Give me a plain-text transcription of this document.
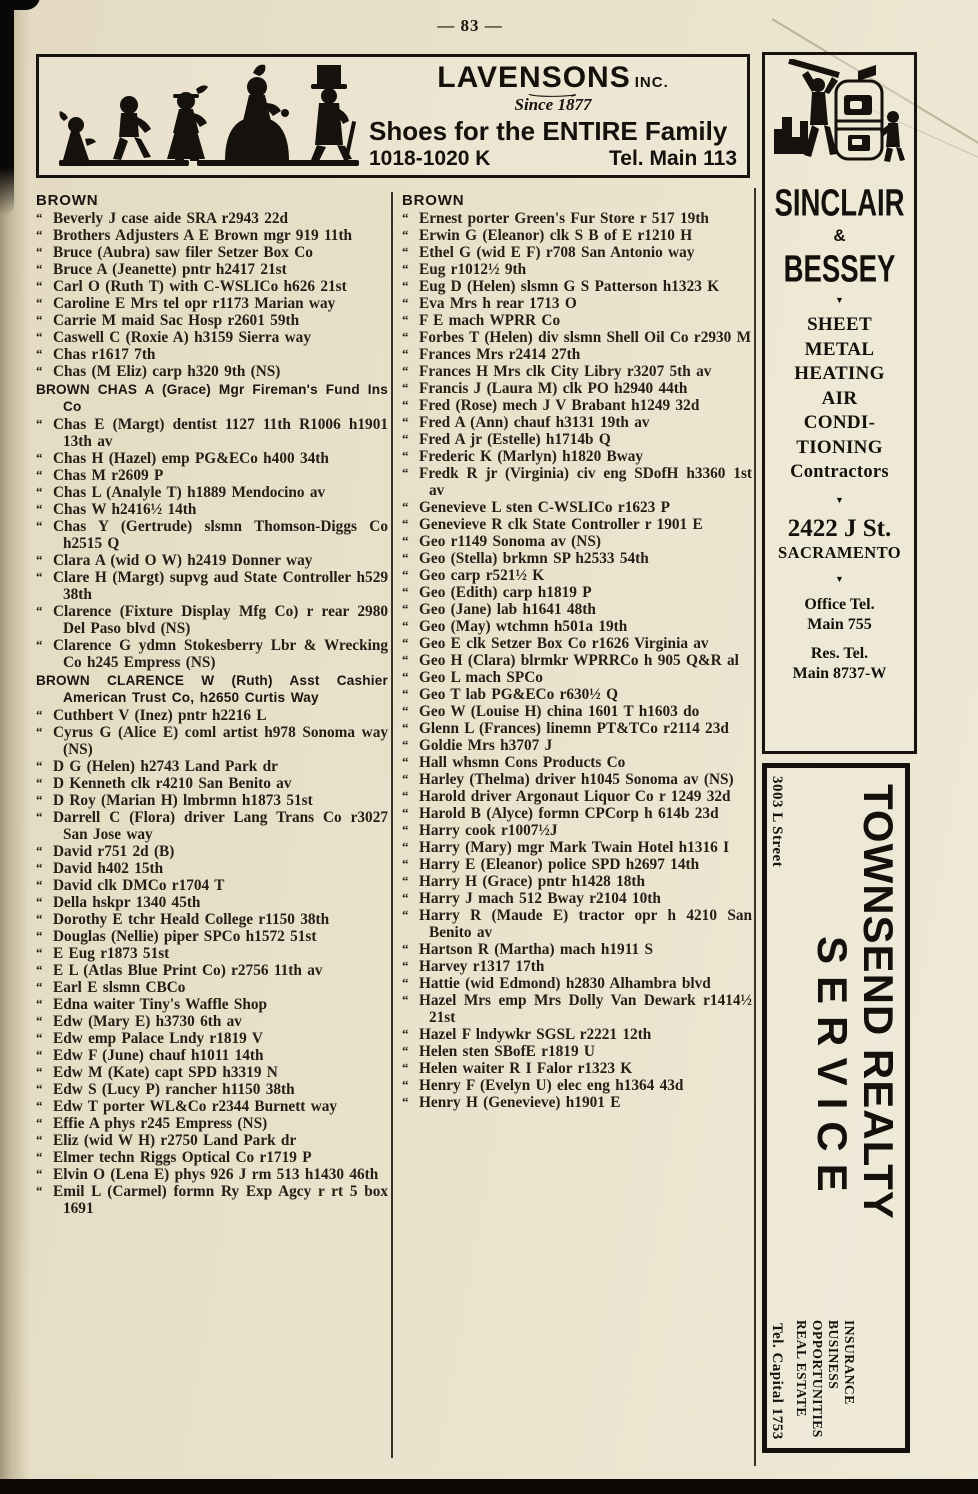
— 83 —
LAVENSONS INC.
Since 1877
Shoes for the ENTIRE Family
1018-1020 K	Tel. Main 113
BROWN
“ Beverly J case aide SRA r2943 22d
“ Brothers Adjusters A E Brown mgr 919 11th
“ Bruce (Aubra) saw filer Setzer Box Co
“ Bruce A (Jeanette) pntr h2417 21st
“ Carl O (Ruth T) with C-WSLICo h626 21st
“ Caroline E Mrs tel opr r1173 Marian way
“ Carrie M maid Sac Hosp r2601 59th
“ Caswell C (Roxie A) h3159 Sierra way
“ Chas r1617 7th
“ Chas (M Eliz) carp h320 9th (NS)
BROWN CHAS A (Grace) Mgr Fireman's Fund Ins Co
“ Chas E (Margt) dentist 1127 11th R1006 h1901 13th av
“ Chas H (Hazel) emp PG&ECo h400 34th
“ Chas M r2609 P
“ Chas L (Analyle T) h1889 Mendocino av
“ Chas W h2416½ 14th
“ Chas Y (Gertrude) slsmn Thomson-Diggs Co h2515 Q
“ Clara A (wid O W) h2419 Donner way
“ Clare H (Margt) supvg aud State Controller h529 38th
“ Clarence (Fixture Display Mfg Co) r rear 2980 Del Paso blvd (NS)
“ Clarence G ydmn Stokesberry Lbr & Wrecking Co h245 Empress (NS)
BROWN CLARENCE W (Ruth) Asst Cashier American Trust Co, h2650 Curtis Way
“ Cuthbert V (Inez) pntr h2216 L
“ Cyrus G (Alice E) coml artist h978 Sonoma way (NS)
“ D G (Helen) h2743 Land Park dr
“ D Kenneth clk r4210 San Benito av
“ D Roy (Marian H) lmbrmn h1873 51st
“ Darrell C (Flora) driver Lang Trans Co r3027 San Jose way
“ David r751 2d (B)
“ David h402 15th
“ David clk DMCo r1704 T
“ Della hskpr 1340 45th
“ Dorothy E tchr Heald College r1150 38th
“ Douglas (Nellie) piper SPCo h1572 51st
“ E Eug r1873 51st
“ E L (Atlas Blue Print Co) r2756 11th av
“ Earl E slsmn CBCo
“ Edna waiter Tiny's Waffle Shop
“ Edw (Mary E) h3730 6th av
“ Edw emp Palace Lndy r1819 V
“ Edw F (June) chauf h1011 14th
“ Edw M (Kate) capt SPD h3319 N
“ Edw S (Lucy P) rancher h1150 38th
“ Edw T porter WL&Co r2344 Burnett way
“ Effie A phys r245 Empress (NS)
“ Eliz (wid W H) r2750 Land Park dr
“ Elmer techn Riggs Optical Co r1719 P
“ Elvin O (Lena E) phys 926 J rm 513 h1430 46th
“ Emil L (Carmel) formn Ry Exp Agcy r rt 5 box 1691
BROWN
“ Ernest porter Green's Fur Store r 517 19th
“ Erwin G (Eleanor) clk S B of E r1210 H
“ Ethel G (wid E F) r708 San Antonio way
“ Eug r1012½ 9th
“ Eug D (Helen) slsmn G S Patterson h1323 K
“ Eva Mrs h rear 1713 O
“ F E mach WPRR Co
“ Forbes T (Helen) div slsmn Shell Oil Co r2930 M
“ Frances Mrs r2414 27th
“ Frances H Mrs clk City Libry r3207 5th av
“ Francis J (Laura M) clk PO h2940 44th
“ Fred (Rose) mech J V Brabant h1249 32d
“ Fred A (Ann) chauf h3131 19th av
“ Fred A jr (Estelle) h1714b Q
“ Frederic K (Marlyn) h1820 Bway
“ Fredk R jr (Virginia) civ eng SDofH h3360 1st av
“ Genevieve L sten C-WSLICo r1623 P
“ Genevieve R clk State Controller r 1901 E
“ Geo r1149 Sonoma av (NS)
“ Geo (Stella) brkmn SP h2533 54th
“ Geo carp r521½ K
“ Geo (Edith) carp h1819 P
“ Geo (Jane) lab h1641 48th
“ Geo (May) wtchmn h501a 19th
“ Geo E clk Setzer Box Co r1626 Virginia av
“ Geo H (Clara) blrmkr WPRRCo h 905 Q&R al
“ Geo L mach SPCo
“ Geo T lab PG&ECo r630½ Q
“ Geo W (Louise H) china 1601 T h1603 do
“ Glenn L (Frances) linemn PT&TCo r2114 23d
“ Goldie Mrs h3707 J
“ Hall whsmn Cons Products Co
“ Harley (Thelma) driver h1045 Sonoma av (NS)
“ Harold driver Argonaut Liquor Co r 1249 32d
“ Harold B (Alyce) formn CPCorp h 614b 23d
“ Harry cook r1007½J
“ Harry (Mary) mgr Mark Twain Hotel h1316 I
“ Harry E (Eleanor) police SPD h2697 14th
“ Harry H (Grace) pntr h1428 18th
“ Harry J mach 512 Bway r2104 10th
“ Harry R (Maude E) tractor opr h 4210 San Benito av
“ Hartson R (Martha) mach h1911 S
“ Harvey r1317 17th
“ Hattie (wid Edmond) h2830 Alhambra blvd
“ Hazel Mrs emp Mrs Dolly Van Dewark r1414½ 21st
“ Hazel F lndywkr SGSL r2221 12th
“ Helen sten SBofE r1819 U
“ Helen waiter R I Falor r1323 K
“ Henry F (Evelyn U) elec eng h1364 43d
“ Henry H (Genevieve) h1901 E
SINCLAIR
&
BESSEY
▼
SHEET
METAL
HEATING
AIR
CONDI-
TIONING
Contractors
▼
2422 J St.
SACRAMENTO
▼
Office Tel.
Main 755
Res. Tel.
Main 8737-W
TOWNSEND REALTY
SERVICE
INSURANCE
BUSINESS
OPPORTUNITIES
REAL ESTATE
3003 L Street
Tel. Capital 1753
